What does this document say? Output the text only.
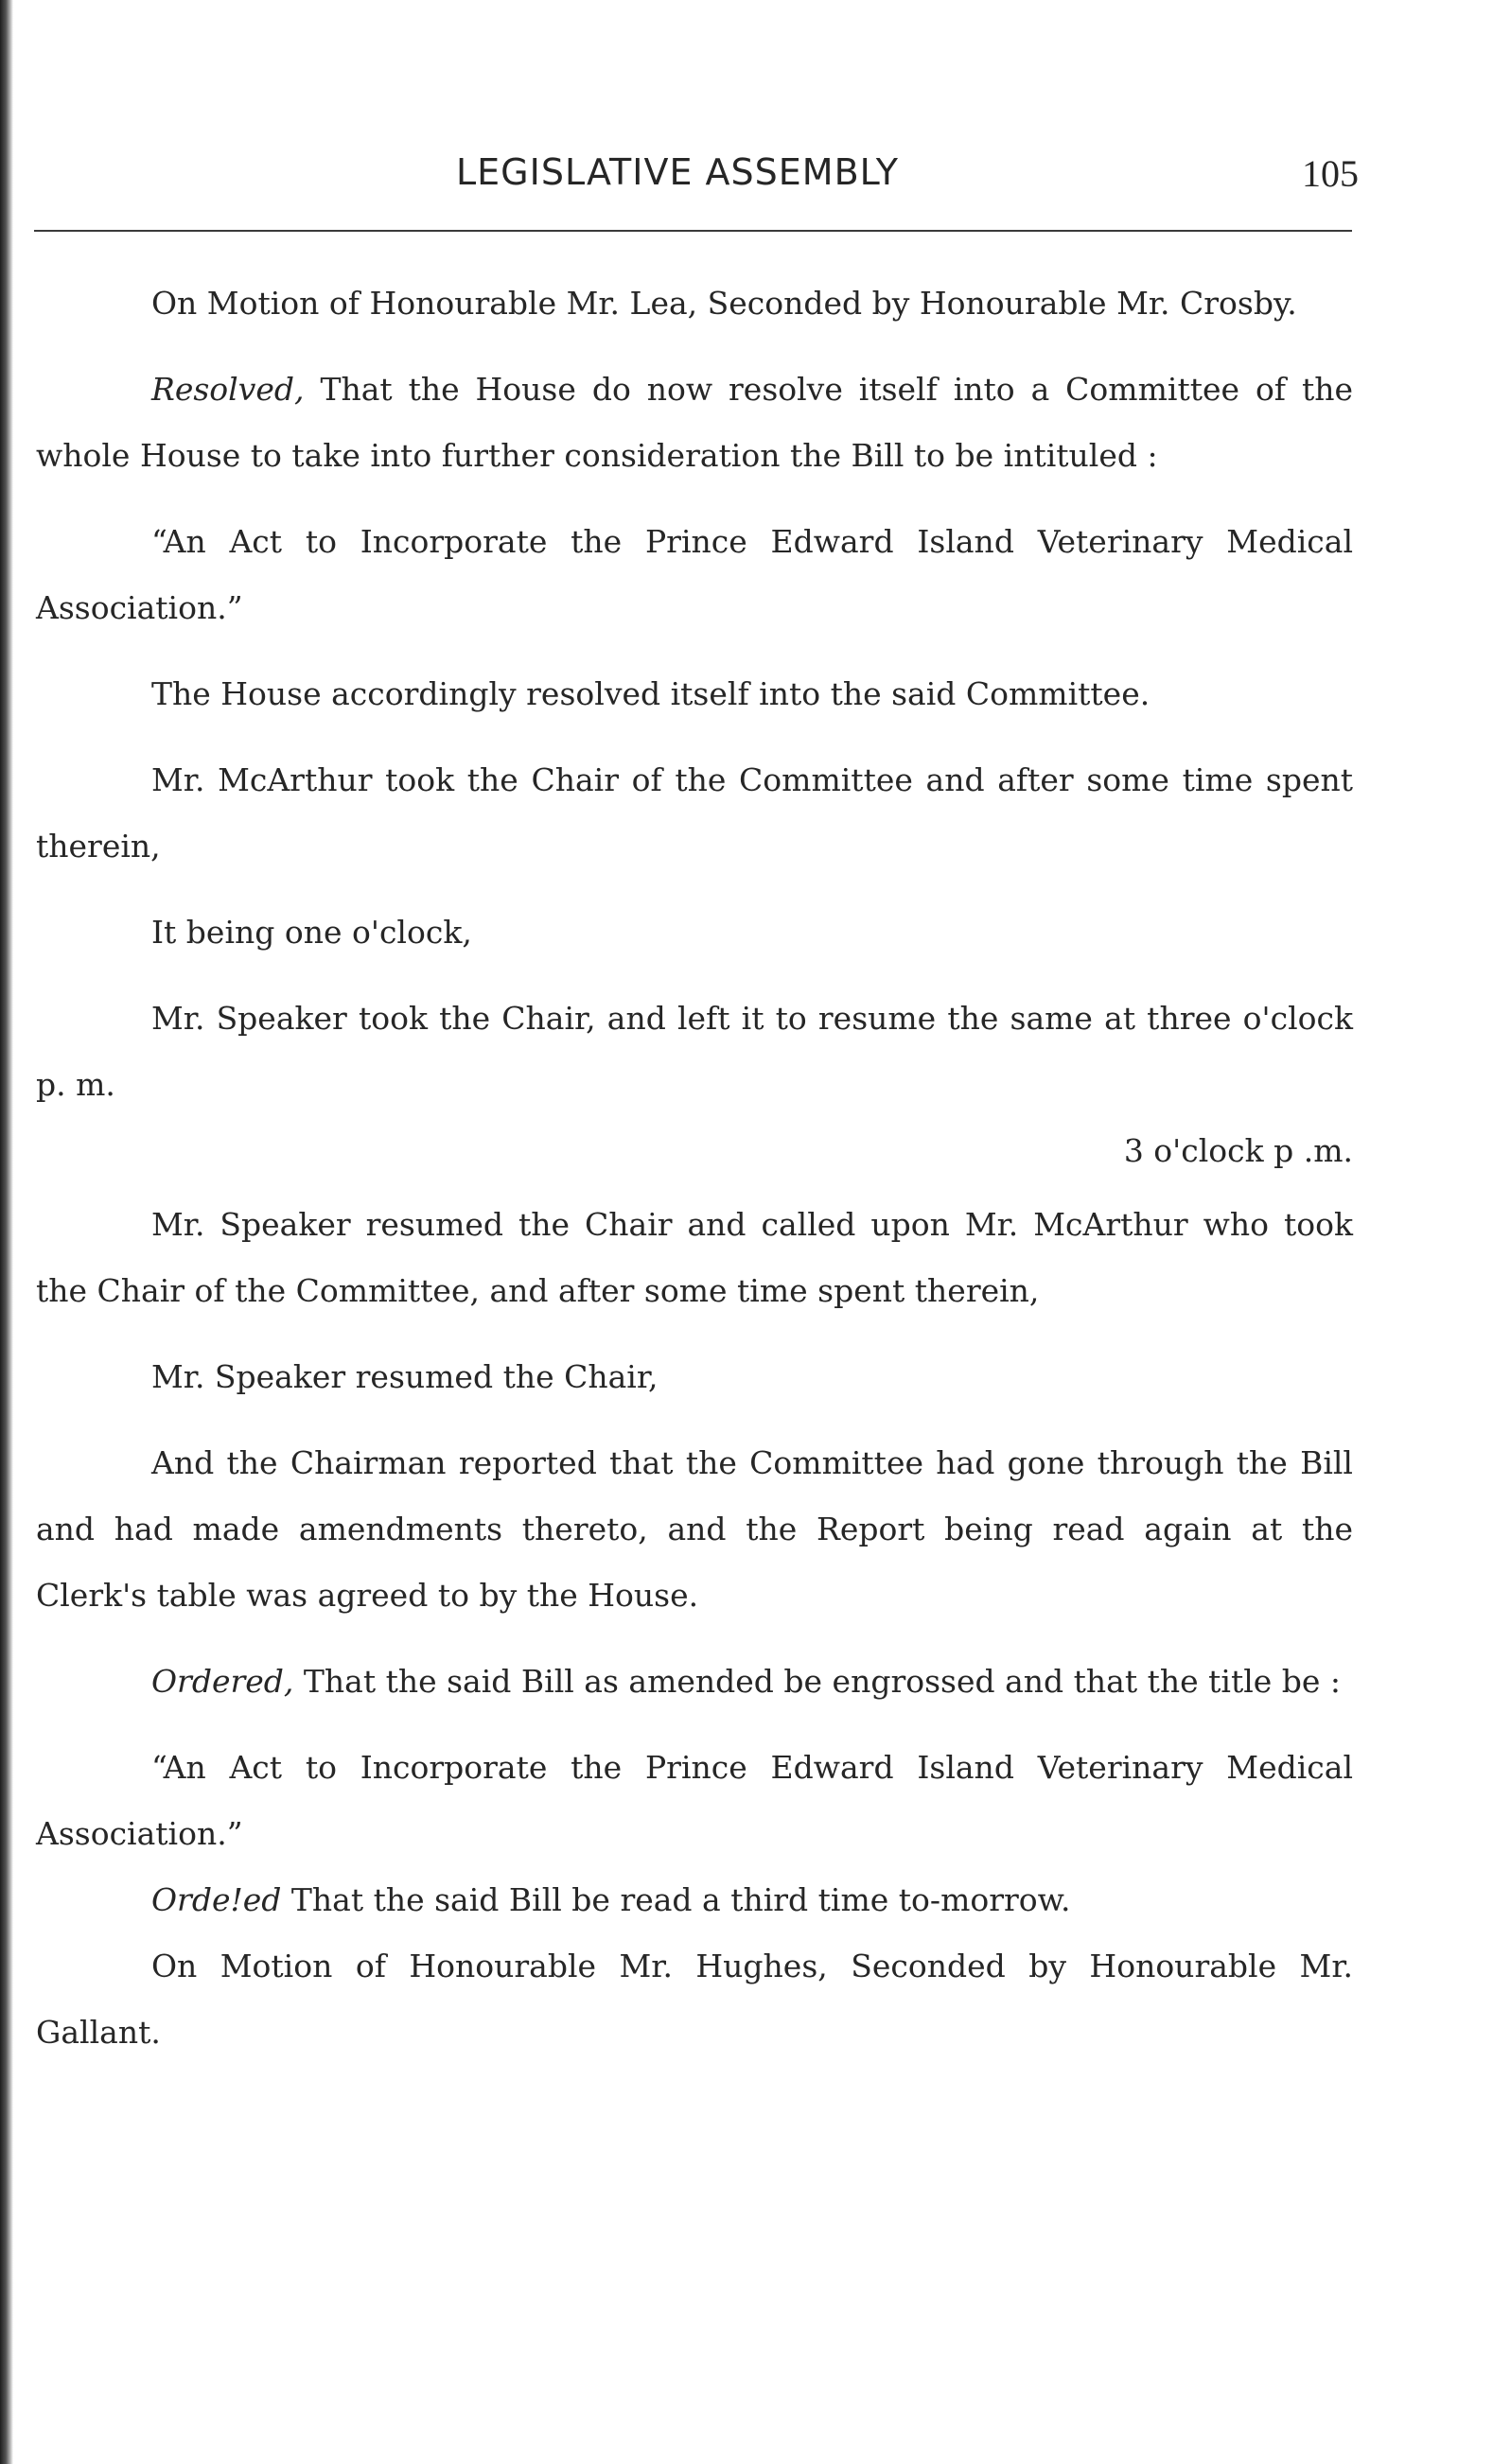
LEGISLATIVE ASSEMBLY	105

On Motion of Honourable Mr. Lea, Seconded by Honourable Mr. Crosby.

Resolved, That the House do now resolve itself into a Committee of the whole House to take into further consideration the Bill to be intituled :

“An Act to Incorporate the Prince Edward Island Veterinary Medical Association.”

The House accordingly resolved itself into the said Committee.

Mr. McArthur took the Chair of the Committee and after some time spent therein,

It being one o'clock,

Mr. Speaker took the Chair, and left it to resume the same at three o'clock p. m.

3 o'clock p .m.

Mr. Speaker resumed the Chair and called upon Mr. McArthur who took the Chair of the Committee, and after some time spent therein,

Mr. Speaker resumed the Chair,

And the Chairman reported that the Committee had gone through the Bill and had made amendments thereto, and the Report being read again at the Clerk's table was agreed to by the House.

Ordered, That the said Bill as amended be engrossed and that the title be :

“An Act to Incorporate the Prince Edward Island Veterinary Medical Association.”

Orde!ed That the said Bill be read a third time to-morrow.

On Motion of Honourable Mr. Hughes, Seconded by Honourable Mr. Gallant.
